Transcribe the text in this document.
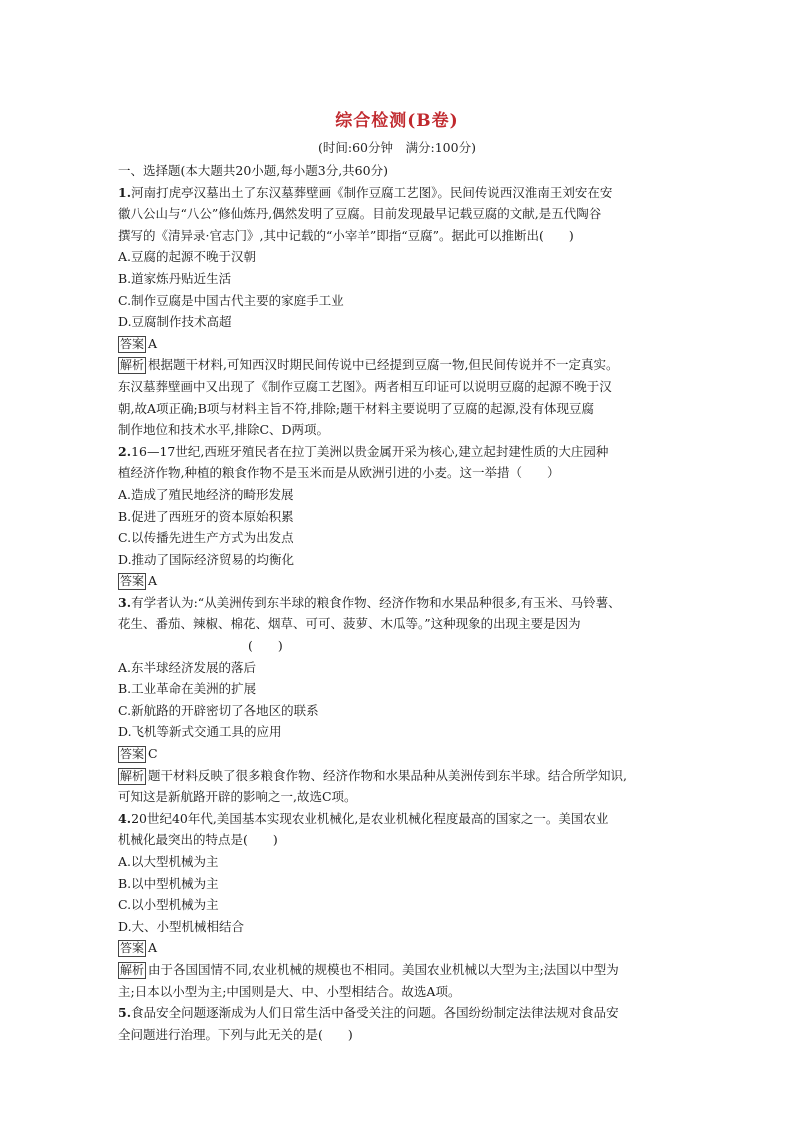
综合检测(B卷)
(时间:60分钟　满分:100分)
一、选择题(本大题共20小题,每小题3分,共60分)
1.河南打虎亭汉墓出土了东汉墓葬壁画《制作豆腐工艺图》。民间传说西汉淮南王刘安在安
徽八公山与“八公”修仙炼丹,偶然发明了豆腐。目前发现最早记载豆腐的文献,是五代陶谷
撰写的《清异录·官志门》,其中记载的“小宰羊”即指“豆腐”。据此可以推断出(　　)
A.豆腐的起源不晚于汉朝
B.道家炼丹贴近生活
C.制作豆腐是中国古代主要的家庭手工业
D.豆腐制作技术高超
答案 A
解析 根据题干材料,可知西汉时期民间传说中已经提到豆腐一物,但民间传说并不一定真实。
东汉墓葬壁画中又出现了《制作豆腐工艺图》。两者相互印证可以说明豆腐的起源不晚于汉
朝,故A项正确;B项与材料主旨不符,排除;题干材料主要说明了豆腐的起源,没有体现豆腐
制作地位和技术水平,排除C、D两项。
2.16—17世纪,西班牙殖民者在拉丁美洲以贵金属开采为核心,建立起封建性质的大庄园种
植经济作物,种植的粮食作物不是玉米而是从欧洲引进的小麦。这一举措（　　）
A.造成了殖民地经济的畸形发展
B.促进了西班牙的资本原始积累
C.以传播先进生产方式为出发点
D.推动了国际经济贸易的均衡化
答案 A
3.有学者认为:“从美洲传到东半球的粮食作物、经济作物和水果品种很多,有玉米、马铃薯、
花生、番茄、辣椒、棉花、烟草、可可、菠萝、木瓜等。”这种现象的出现主要是因为
(　　)
A.东半球经济发展的落后
B.工业革命在美洲的扩展
C.新航路的开辟密切了各地区的联系
D.飞机等新式交通工具的应用
答案 C
解析 题干材料反映了很多粮食作物、经济作物和水果品种从美洲传到东半球。结合所学知识,
可知这是新航路开辟的影响之一,故选C项。
4.20世纪40年代,美国基本实现农业机械化,是农业机械化程度最高的国家之一。美国农业
机械化最突出的特点是(　　)
A.以大型机械为主
B.以中型机械为主
C.以小型机械为主
D.大、小型机械相结合
答案 A
解析 由于各国国情不同,农业机械的规模也不相同。美国农业机械以大型为主;法国以中型为
主;日本以小型为主;中国则是大、中、小型相结合。故选A项。
5.食品安全问题逐渐成为人们日常生活中备受关注的问题。各国纷纷制定法律法规对食品安
全问题进行治理。下列与此无关的是(　　)
